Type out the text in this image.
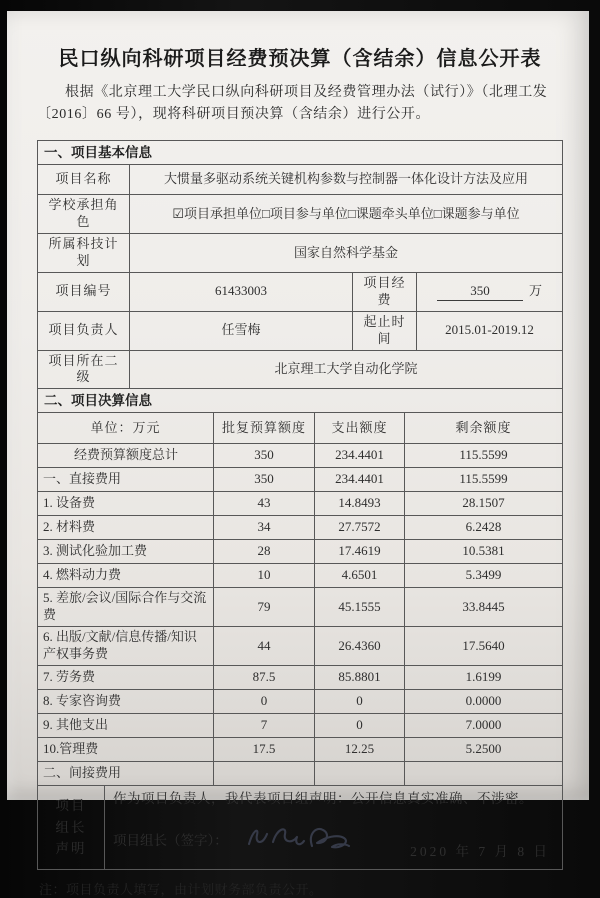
民口纵向科研项目经费预决算（含结余）信息公开表
根据《北京理工大学民口纵向科研项目及经费管理办法（试行）》（北理工发〔2016〕66 号），现将科研项目预决算（含结余）进行公开。
一、项目基本信息			
项目名称	大惯量多驱动系统关键机构参数与控制器一体化设计方法及应用		
学校承担角色	☑项目承担单位□项目参与单位□课题牵头单位□课题参与单位		
所属科技计划	国家自然科学基金		
项目编号	61433003	项目经费	350 万
项目负责人	任雪梅	起止时间	2015.01-2019.12
项目所在二级	北京理工大学自动化学院		
二、项目决算信息			
单位：万元	批复预算额度	支出额度	剩余额度
经费预算额度总计	350	234.4401	115.5599
一、直接费用	350	234.4401	115.5599
1. 设备费	43	14.8493	28.1507
2. 材料费	34	27.7572	6.2428
3. 测试化验加工费	28	17.4619	10.5381
4. 燃料动力费	10	4.6501	5.3499
5. 差旅/会议/国际合作与交流费	79	45.1555	33.8445
6. 出版/文献/信息传播/知识产权事务费	44	26.4360	17.5640
7. 劳务费	87.5	85.8801	1.6199
8. 专家咨询费	0	0	0.0000
9. 其他支出	7	0	7.0000
10.管理费	17.5	12.25	5.2500
二、间接费用			
项目
组长
声明

作为项目负责人，我代表项目组声明：公开信息真实准确、不涉密。
项目组长（签字）：
2020 年 7 月 8 日
注：项目负责人填写，由计划财务部负责公开。
